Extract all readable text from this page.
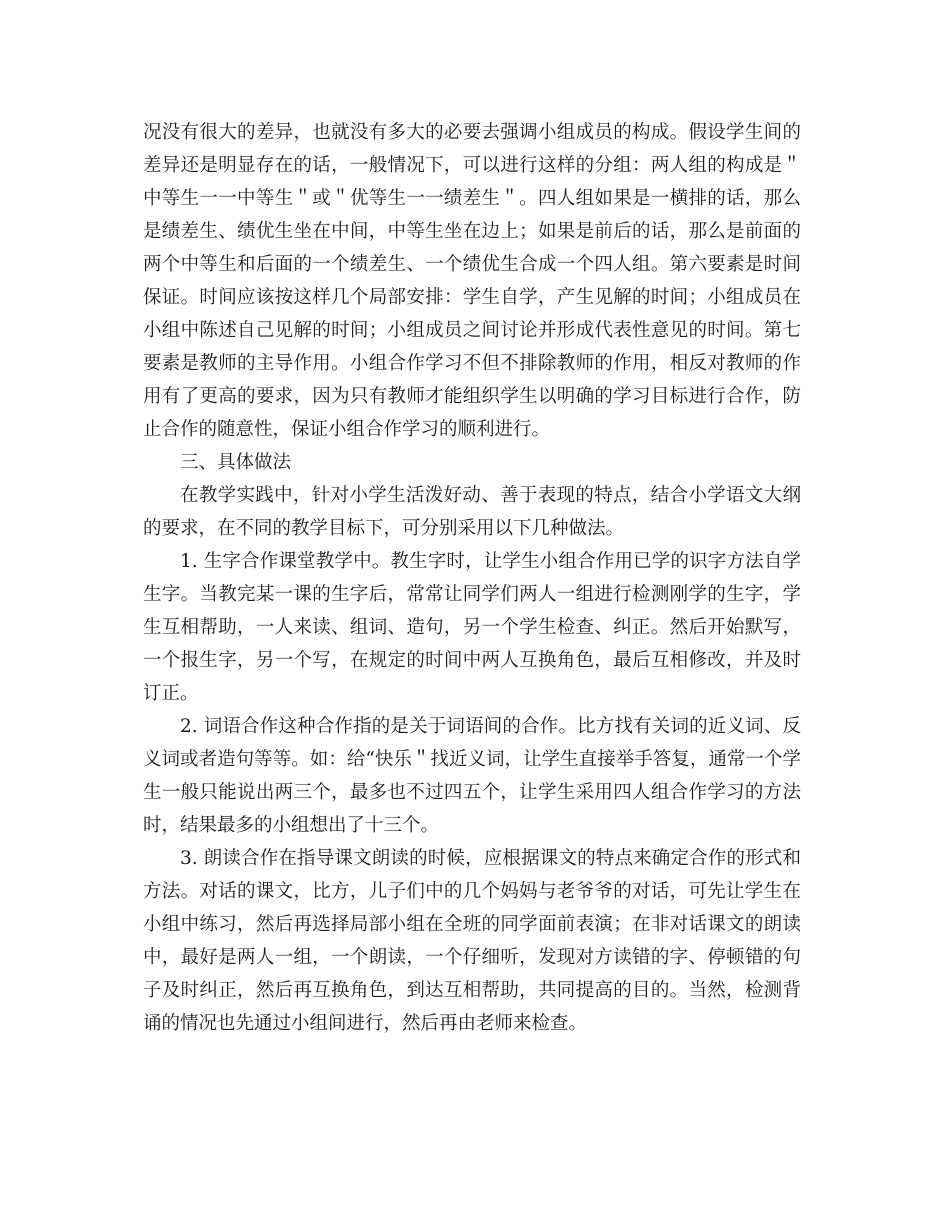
况没有很大的差异，也就没有多大的必要去强调小组成员的构成。假设学生间的差异还是明显存在的话，一般情况下，可以进行这样的分组：两人组的构成是＂中等生一一中等生＂或＂优等生一一绩差生＂。四人组如果是一横排的话，那么是绩差生、绩优生坐在中间，中等生坐在边上；如果是前后的话，那么是前面的两个中等生和后面的一个绩差生、一个绩优生合成一个四人组。第六要素是时间保证。时间应该按这样几个局部安排：学生自学，产生见解的时间；小组成员在小组中陈述自己见解的时间；小组成员之间讨论并形成代表性意见的时间。第七要素是教师的主导作用。小组合作学习不但不排除教师的作用，相反对教师的作用有了更高的要求，因为只有教师才能组织学生以明确的学习目标进行合作，防止合作的随意性，保证小组合作学习的顺利进行。

三、具体做法

在教学实践中，针对小学生活泼好动、善于表现的特点，结合小学语文大纲的要求，在不同的教学目标下，可分别采用以下几种做法。

1. 生字合作课堂教学中。教生字时，让学生小组合作用已学的识字方法自学生字。当教完某一课的生字后，常常让同学们两人一组进行检测刚学的生字，学生互相帮助，一人来读、组词、造句，另一个学生检查、纠正。然后开始默写，一个报生字，另一个写，在规定的时间中两人互换角色，最后互相修改，并及时订正。

2. 词语合作这种合作指的是关于词语间的合作。比方找有关词的近义词、反义词或者造句等等。如：给“快乐＂找近义词，让学生直接举手答复，通常一个学生一般只能说出两三个，最多也不过四五个，让学生采用四人组合作学习的方法时，结果最多的小组想出了十三个。

3. 朗读合作在指导课文朗读的时候，应根据课文的特点来确定合作的形式和方法。对话的课文，比方，儿子们中的几个妈妈与老爷爷的对话，可先让学生在小组中练习，然后再选择局部小组在全班的同学面前表演；在非对话课文的朗读中，最好是两人一组，一个朗读，一个仔细听，发现对方读错的字、停顿错的句子及时纠正，然后再互换角色，到达互相帮助，共同提高的目的。当然，检测背诵的情况也先通过小组间进行，然后再由老师来检查。
